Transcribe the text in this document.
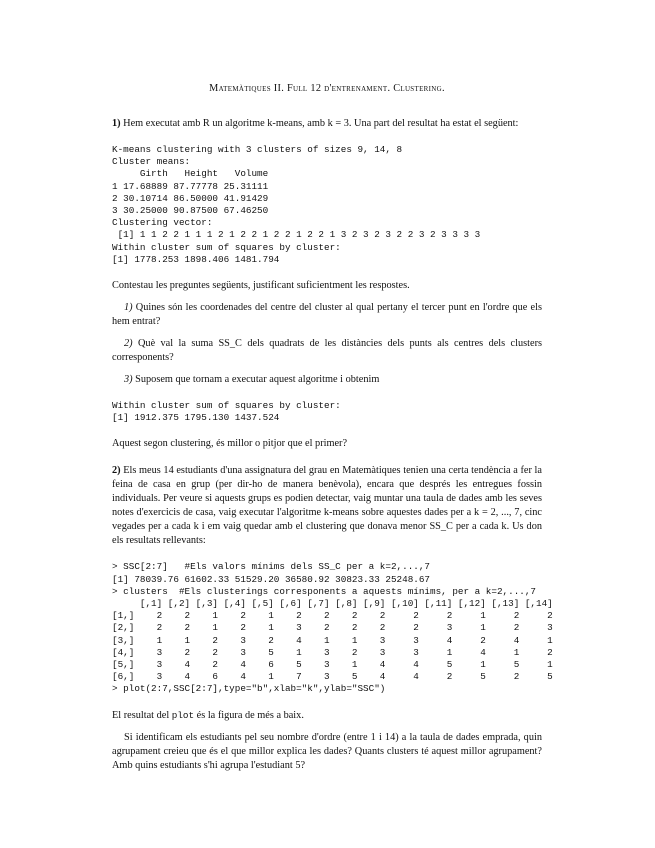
Matemàtiques II. Full 12 d'entrenament. Clustering.

1) Hem executat amb R un algoritme k-means, amb k = 3. Una part del resultat ha estat el següent:

K-means clustering with 3 clusters of sizes 9, 14, 8
Cluster means:
Girth   Height   Volume
1 17.68889 87.77778 25.31111
2 30.10714 86.50000 41.91429
3 30.25000 90.87500 67.46250
Clustering vector:
[1] 1 1 2 2 1 1 1 2 1 2 2 1 2 2 1 2 2 1 3 2 3 2 3 2 2 3 2 3 3 3 3
Within cluster sum of squares by cluster:
[1] 1778.253 1898.406 1481.794

Contestau les preguntes següents, justificant suficientment les respostes.

1) Quines són les coordenades del centre del cluster al qual pertany el tercer punt en l'ordre que els hem entrat?

2) Què val la suma SS_C dels quadrats de les distàncies dels punts als centres dels clusters corresponents?

3) Suposem que tornam a executar aquest algoritme i obtenim

Within cluster sum of squares by cluster:
[1] 1912.375 1795.130 1437.524

Aquest segon clustering, és millor o pitjor que el primer?

2) Els meus 14 estudiants d'una assignatura del grau en Matemàtiques tenien una certa tendència a fer la feina de casa en grup (per dir-ho de manera benèvola), encara que després les entregues fossin individuals. Per veure si aquests grups es podien detectar, vaig muntar una taula de dades amb les seves notes d'exercicis de casa, vaig executar l'algoritme k-means sobre aquestes dades per a k = 2, ..., 7, cinc vegades per a cada k i em vaig quedar amb el clustering que donava menor SS_C per a cada k. Us don els resultats rellevants:

> SSC[2:7]   #Els valors mínims dels SS_C per a k=2,...,7
[1] 78039.76 61602.33 51529.20 36580.92 30823.33 25248.67
> clusters  #Els clusterings corresponents a aquests mínims, per a k=2,...,7
[,1] [,2] [,3] [,4] [,5] [,6] [,7] [,8] [,9] [,10] [,11] [,12] [,13] [,14]
[1,]    2    2    1    2    1    2    2    2    2     2     2     1     2     2
[2,]    2    2    1    2    1    3    2    2    2     2     3     1     2     3
[3,]    1    1    2    3    2    4    1    1    3     3     4     2     4     1
[4,]    3    2    2    3    5    1    3    2    3     3     1     4     1     2
[5,]    3    4    2    4    6    5    3    1    4     4     5     1     5     1
[6,]    3    4    6    4    1    7    3    5    4     4     2     5     2     5
> plot(2:7,SSC[2:7],type="b",xlab="k",ylab="SSC")

El resultat del plot és la figura de més a baix.

Si identificam els estudiants pel seu nombre d'ordre (entre 1 i 14) a la taula de dades emprada, quin agrupament creieu que és el que millor explica les dades? Quants clusters té aquest millor agrupament? Amb quins estudiants s'hi agrupa l'estudiant 5?
